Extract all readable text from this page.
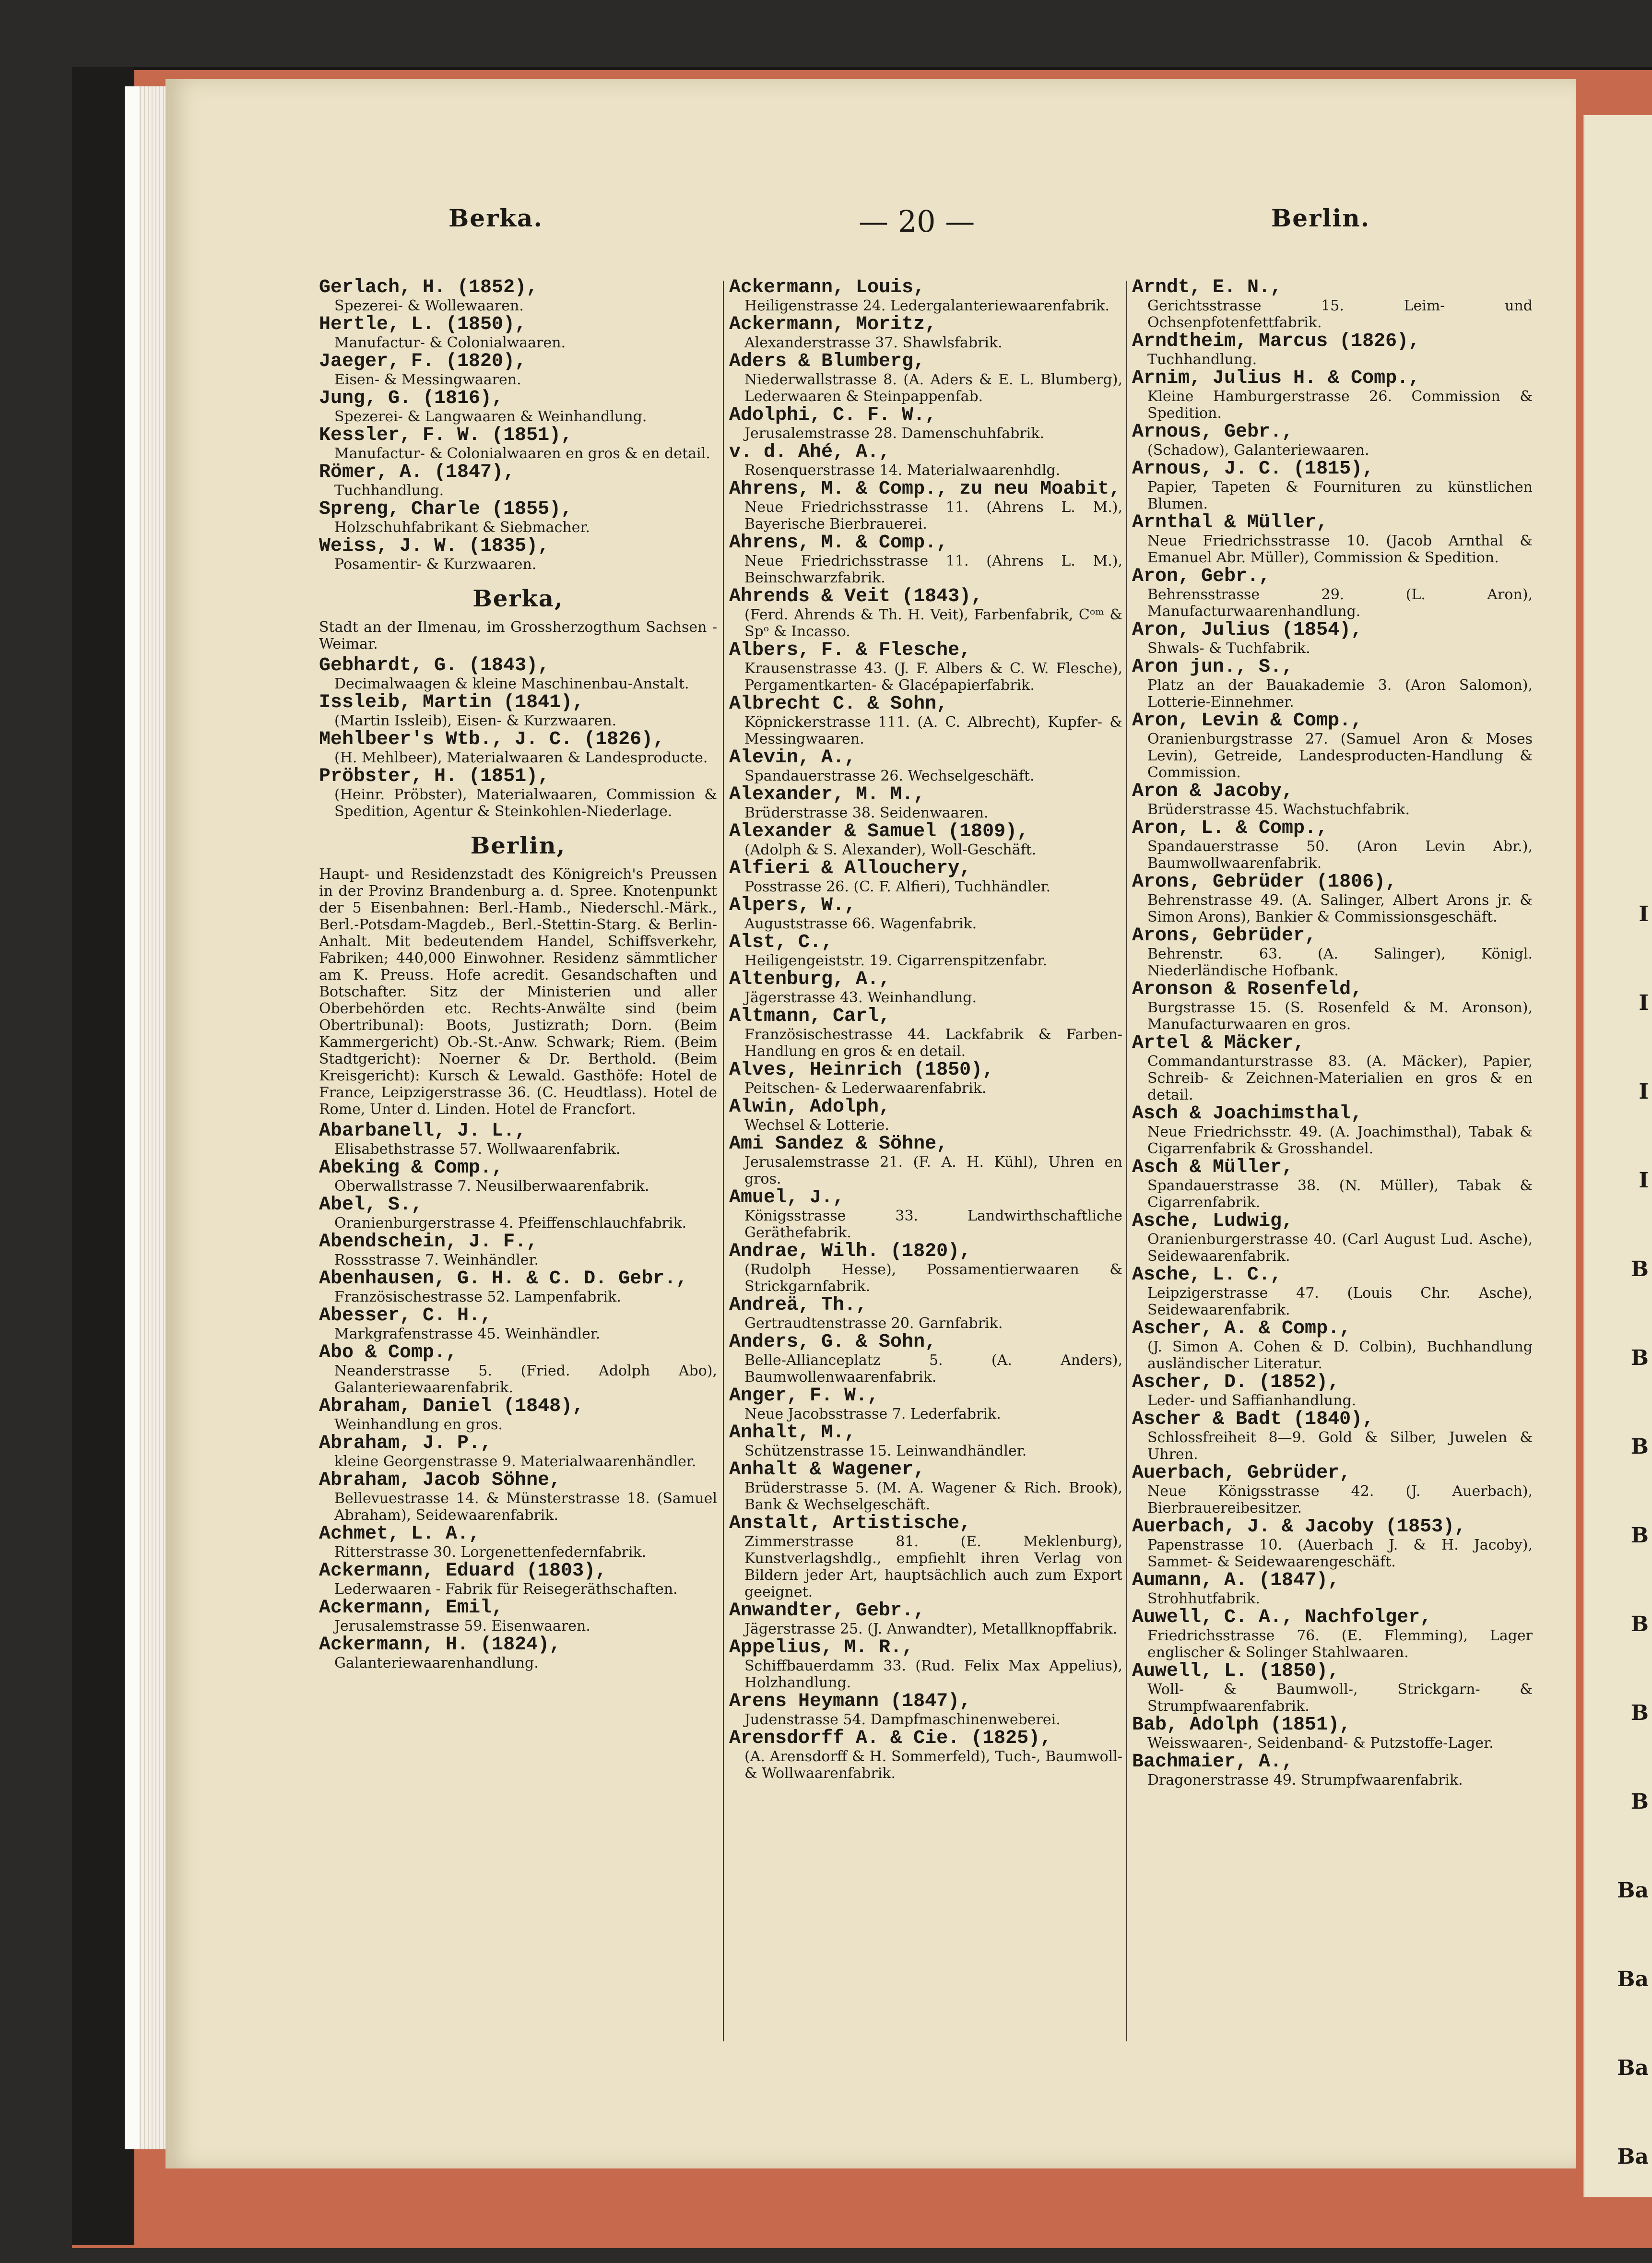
I
I
I
I
B
B
B
B
B
B
B
Ba
Ba
Ba
Ba
Berka.	— 20 —	Berlin.
Gerlach, H. (1852),
Spezerei- & Wollewaaren.
Hertle, L. (1850),
Manufactur- & Colonialwaaren.
Jaeger, F. (1820),
Eisen- & Messingwaaren.
Jung, G. (1816),
Spezerei- & Langwaaren & Weinhandlung.
Kessler, F. W. (1851),
Manufactur- & Colonialwaaren en gros & en detail.
Römer, A. (1847),
Tuchhandlung.
Spreng, Charle (1855),
Holzschuhfabrikant & Siebmacher.
Weiss, J. W. (1835),
Posamentir- & Kurzwaaren.
Berka,
Stadt an der Ilmenau, im Grossherzogthum Sachsen - Weimar.
Gebhardt, G. (1843),
Decimalwaagen & kleine Maschinenbau-Anstalt.
Issleib, Martin (1841),
(Martin Issleib), Eisen- & Kurzwaaren.
Mehlbeer's Wtb., J. C. (1826),
(H. Mehlbeer), Materialwaaren & Landesproducte.
Pröbster, H. (1851),
(Heinr. Pröbster), Materialwaaren, Commission & Spedition, Agentur & Steinkohlen-Niederlage.
Berlin,
Haupt- und Residenzstadt des Königreich's Preussen in der Provinz Brandenburg a. d. Spree. Knotenpunkt der 5 Eisenbahnen: Berl.-Hamb., Niederschl.-Märk., Berl.-Potsdam-Magdeb., Berl.-Stettin-Starg. & Berlin-Anhalt. Mit bedeutendem Handel, Schiffsverkehr, Fabriken; 440,000 Einwohner. Residenz sämmtlicher am K. Preuss. Hofe acredit. Gesandschaften und Botschafter. Sitz der Ministerien und aller Oberbehörden etc. Rechts-Anwälte sind (beim Obertribunal): Boots, Justizrath; Dorn. (Beim Kammergericht) Ob.-St.-Anw. Schwark; Riem. (Beim Stadtgericht): Noerner & Dr. Berthold. (Beim Kreisgericht): Kursch & Lewald. Gasthöfe: Hotel de France, Leipzigerstrasse 36. (C. Heudtlass). Hotel de Rome, Unter d. Linden. Hotel de Francfort.
Abarbanell, J. L.,
Elisabethstrasse 57. Wollwaarenfabrik.
Abeking & Comp.,
Oberwallstrasse 7. Neusilberwaarenfabrik.
Abel, S.,
Oranienburgerstrasse 4. Pfeiffenschlauchfabrik.
Abendschein, J. F.,
Rossstrasse 7. Weinhändler.
Abenhausen, G. H. & C. D. Gebr.,
Französischestrasse 52. Lampenfabrik.
Abesser, C. H.,
Markgrafenstrasse 45. Weinhändler.
Abo & Comp.,
Neanderstrasse 5. (Fried. Adolph Abo), Galanteriewaarenfabrik.
Abraham, Daniel (1848),
Weinhandlung en gros.
Abraham, J. P.,
kleine Georgenstrasse 9. Materialwaarenhändler.
Abraham, Jacob Söhne,
Bellevuestrasse 14. & Münsterstrasse 18. (Samuel Abraham), Seidewaarenfabrik.
Achmet, L. A.,
Ritterstrasse 30. Lorgenettenfedernfabrik.
Ackermann, Eduard (1803),
Lederwaaren - Fabrik für Reisegeräthschaften.
Ackermann, Emil,
Jerusalemstrasse 59. Eisenwaaren.
Ackermann, H. (1824),
Galanteriewaarenhandlung.
Ackermann, Louis,
Heiligenstrasse 24. Ledergalanteriewaarenfabrik.
Ackermann, Moritz,
Alexanderstrasse 37. Shawlsfabrik.
Aders & Blumberg,
Niederwallstrasse 8. (A. Aders & E. L. Blumberg), Lederwaaren & Steinpappenfab.
Adolphi, C. F. W.,
Jerusalemstrasse 28. Damenschuhfabrik.
v. d. Ahé, A.,
Rosenquerstrasse 14. Materialwaarenhdlg.
Ahrens, M. & Comp., zu neu Moabit,
Neue Friedrichsstrasse 11. (Ahrens L. M.), Bayerische Bierbrauerei.
Ahrens, M. & Comp.,
Neue Friedrichsstrasse 11. (Ahrens L. M.), Beinschwarzfabrik.
Ahrends & Veit (1843),
(Ferd. Ahrends & Th. H. Veit), Farbenfabrik, Cᵒᵐ & Spᵒ & Incasso.
Albers, F. & Flesche,
Krausenstrasse 43. (J. F. Albers & C. W. Flesche), Pergamentkarten- & Glacépapierfabrik.
Albrecht C. & Sohn,
Köpnickerstrasse 111. (A. C. Albrecht), Kupfer- & Messingwaaren.
Alevin, A.,
Spandauerstrasse 26. Wechselgeschäft.
Alexander, M. M.,
Brüderstrasse 38. Seidenwaaren.
Alexander & Samuel (1809),
(Adolph & S. Alexander), Woll-Geschäft.
Alfieri & Allouchery,
Posstrasse 26. (C. F. Alfieri), Tuchhändler.
Alpers, W.,
Auguststrasse 66. Wagenfabrik.
Alst, C.,
Heiligengeiststr. 19. Cigarrenspitzenfabr.
Altenburg, A.,
Jägerstrasse 43. Weinhandlung.
Altmann, Carl,
Französischestrasse 44. Lackfabrik & Farben-Handlung en gros & en detail.
Alves, Heinrich (1850),
Peitschen- & Lederwaarenfabrik.
Alwin, Adolph,
Wechsel & Lotterie.
Ami Sandez & Söhne,
Jerusalemstrasse 21. (F. A. H. Kühl), Uhren en gros.
Amuel, J.,
Königsstrasse 33. Landwirthschaftliche Geräthefabrik.
Andrae, Wilh. (1820),
(Rudolph Hesse), Possamentierwaaren & Strickgarnfabrik.
Andreä, Th.,
Gertraudtenstrasse 20. Garnfabrik.
Anders, G. & Sohn,
Belle-Allianceplatz 5. (A. Anders), Baumwollenwaarenfabrik.
Anger, F. W.,
Neue Jacobsstrasse 7. Lederfabrik.
Anhalt, M.,
Schützenstrasse 15. Leinwandhändler.
Anhalt & Wagener,
Brüderstrasse 5. (M. A. Wagener & Rich. Brook), Bank & Wechselgeschäft.
Anstalt, Artistische,
Zimmerstrasse 81. (E. Meklenburg), Kunstverlagshdlg., empfiehlt ihren Verlag von Bildern jeder Art, hauptsächlich auch zum Export geeignet.
Anwandter, Gebr.,
Jägerstrasse 25. (J. Anwandter), Metallknopffabrik.
Appelius, M. R.,
Schiffbauerdamm 33. (Rud. Felix Max Appelius), Holzhandlung.
Arens Heymann (1847),
Judenstrasse 54. Dampfmaschinenweberei.
Arensdorff A. & Cie. (1825),
(A. Arensdorff & H. Sommerfeld), Tuch-, Baumwoll- & Wollwaarenfabrik.
Arndt, E. N.,
Gerichtsstrasse 15. Leim- und Ochsenpfotenfettfabrik.
Arndtheim, Marcus (1826),
Tuchhandlung.
Arnim, Julius H. & Comp.,
Kleine Hamburgerstrasse 26. Commission & Spedition.
Arnous, Gebr.,
(Schadow), Galanteriewaaren.
Arnous, J. C. (1815),
Papier, Tapeten & Fournituren zu künstlichen Blumen.
Arnthal & Müller,
Neue Friedrichsstrasse 10. (Jacob Arnthal & Emanuel Abr. Müller), Commission & Spedition.
Aron, Gebr.,
Behrensstrasse 29. (L. Aron), Manufacturwaarenhandlung.
Aron, Julius (1854),
Shwals- & Tuchfabrik.
Aron jun., S.,
Platz an der Bauakademie 3. (Aron Salomon), Lotterie-Einnehmer.
Aron, Levin & Comp.,
Oranienburgstrasse 27. (Samuel Aron & Moses Levin), Getreide, Landesproducten-Handlung & Commission.
Aron & Jacoby,
Brüderstrasse 45. Wachstuchfabrik.
Aron, L. & Comp.,
Spandauerstrasse 50. (Aron Levin Abr.), Baumwollwaarenfabrik.
Arons, Gebrüder (1806),
Behrenstrasse 49. (A. Salinger, Albert Arons jr. & Simon Arons), Bankier & Commissionsgeschäft.
Arons, Gebrüder,
Behrenstr. 63. (A. Salinger), Königl. Niederländische Hofbank.
Aronson & Rosenfeld,
Burgstrasse 15. (S. Rosenfeld & M. Aronson), Manufacturwaaren en gros.
Artel & Mäcker,
Commandanturstrasse 83. (A. Mäcker), Papier, Schreib- & Zeichnen-Materialien en gros & en detail.
Asch & Joachimsthal,
Neue Friedrichsstr. 49. (A. Joachimsthal), Tabak & Cigarrenfabrik & Grosshandel.
Asch & Müller,
Spandauerstrasse 38. (N. Müller), Tabak & Cigarrenfabrik.
Asche, Ludwig,
Oranienburgerstrasse 40. (Carl August Lud. Asche), Seidewaarenfabrik.
Asche, L. C.,
Leipzigerstrasse 47. (Louis Chr. Asche), Seidewaarenfabrik.
Ascher, A. & Comp.,
(J. Simon A. Cohen & D. Colbin), Buchhandlung ausländischer Literatur.
Ascher, D. (1852),
Leder- und Saffianhandlung.
Ascher & Badt (1840),
Schlossfreiheit 8—9. Gold & Silber, Juwelen & Uhren.
Auerbach, Gebrüder,
Neue Königsstrasse 42. (J. Auerbach), Bierbrauereibesitzer.
Auerbach, J. & Jacoby (1853),
Papenstrasse 10. (Auerbach J. & H. Jacoby), Sammet- & Seidewaarengeschäft.
Aumann, A. (1847),
Strohhutfabrik.
Auwell, C. A., Nachfolger,
Friedrichsstrasse 76. (E. Flemming), Lager englischer & Solinger Stahlwaaren.
Auwell, L. (1850),
Woll- & Baumwoll-, Strickgarn- & Strumpfwaarenfabrik.
Bab, Adolph (1851),
Weisswaaren-, Seidenband- & Putzstoffe-Lager.
Bachmaier, A.,
Dragonerstrasse 49. Strumpfwaarenfabrik.
